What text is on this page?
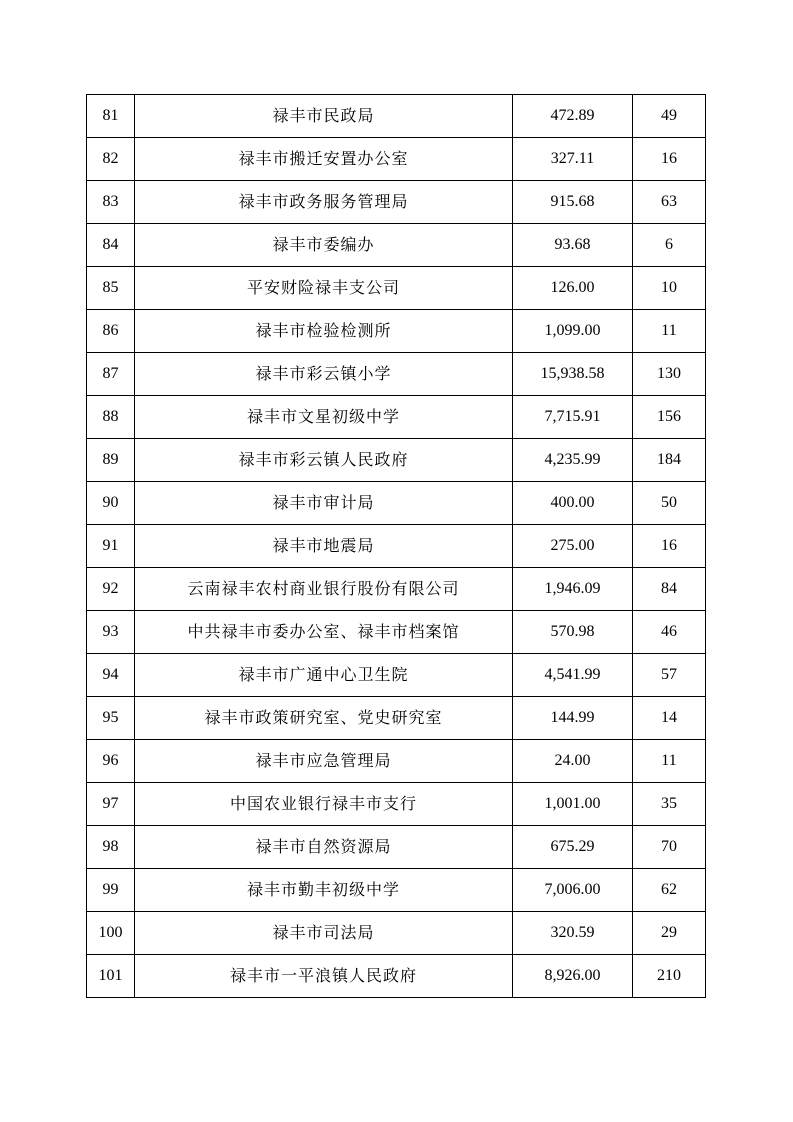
81	禄丰市民政局	472.89	49
82	禄丰市搬迁安置办公室	327.11	16
83	禄丰市政务服务管理局	915.68	63
84	禄丰市委编办	93.68	6
85	平安财险禄丰支公司	126.00	10
86	禄丰市检验检测所	1,099.00	11
87	禄丰市彩云镇小学	15,938.58	130
88	禄丰市文星初级中学	7,715.91	156
89	禄丰市彩云镇人民政府	4,235.99	184
90	禄丰市审计局	400.00	50
91	禄丰市地震局	275.00	16
92	云南禄丰农村商业银行股份有限公司	1,946.09	84
93	中共禄丰市委办公室、禄丰市档案馆	570.98	46
94	禄丰市广通中心卫生院	4,541.99	57
95	禄丰市政策研究室、党史研究室	144.99	14
96	禄丰市应急管理局	24.00	11
97	中国农业银行禄丰市支行	1,001.00	35
98	禄丰市自然资源局	675.29	70
99	禄丰市勤丰初级中学	7,006.00	62
100	禄丰市司法局	320.59	29
101	禄丰市一平浪镇人民政府	8,926.00	210
